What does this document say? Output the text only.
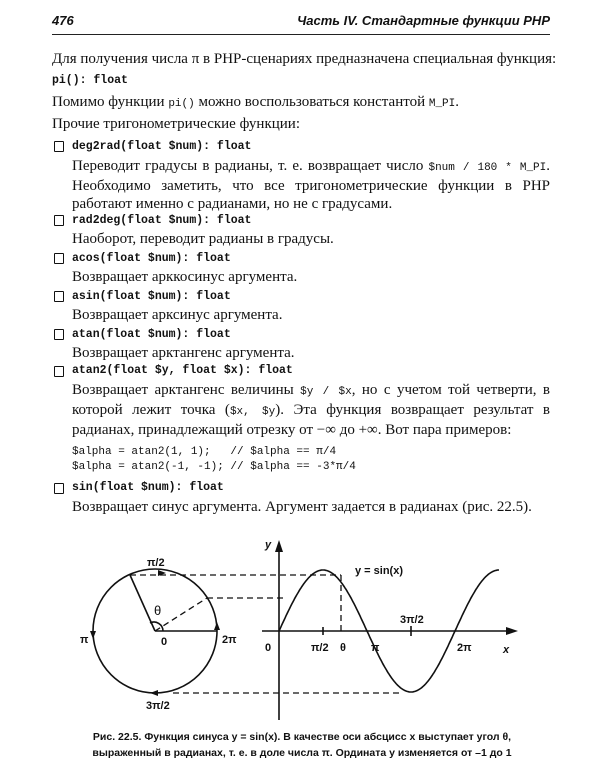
476	Часть IV. Стандартные функции PHP
Для получения числа π в PHP-сценариях предназначена специальная функция:
pi(): float
Помимо функции pi() можно воспользоваться константой M_PI.
Прочие тригонометрические функции:
deg2rad(float $num): float
Переводит градусы в радианы, т. е. возвращает число $num / 180 * M_PI. Необходимо заметить, что все тригонометрические функции в PHP работают именно с радианами, но не с градусами.
rad2deg(float $num): float
Наоборот, переводит радианы в градусы.
acos(float $num): float
Возвращает арккосинус аргумента.
asin(float $num): float
Возвращает арксинус аргумента.
atan(float $num): float
Возвращает арктангенс аргумента.
atan2(float $y, float $x): float
Возвращает арктангенс величины $y / $x, но с учетом той четверти, в которой лежит точка ($x, $y). Эта функция возвращает результат в радианах, принадлежащий отрезку от −∞ до +∞. Вот пара примеров:
$alpha = atan2(1, 1);   // $alpha == π/4
$alpha = atan2(-1, -1); // $alpha == -3*π/4
sin(float $num): float
Возвращает синус аргумента. Аргумент задается в радианах (рис. 22.5).
π/2
π	0	2π
3π/2
θ
y
x
0	π/2 θ π
3π/2
2π
y = sin(x)
Рис. 22.5. Функция синуса y = sin(x). В качестве оси абсцисс x выступает угол θ,
выраженный в радианах, т. е. в доле числа π. Ордината y изменяется от –1 до 1
